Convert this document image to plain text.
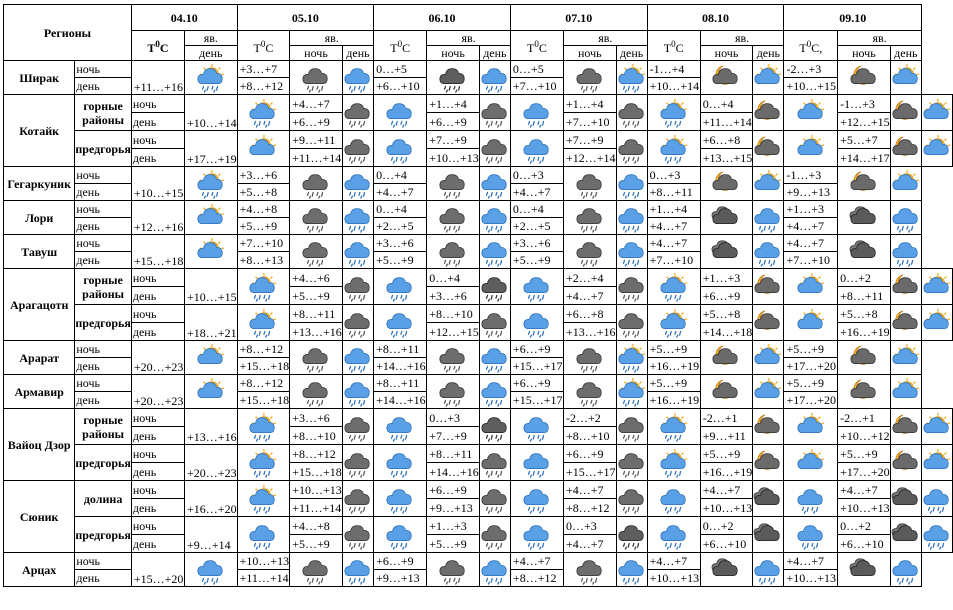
Регионы		04.10		05.10			06.10			07.10			08.10			09.10			
		$T^0C$	яв.	$T^0C$	яв.		$T^0C$	яв.		$T^0C$	яв.		$T^0C$	яв.		$T^0C$,	яв.		
			день		ночь	день		ночь	день		ночь	день		ночь	день		ночь	день	
Ширак	ночь	+11…+16		+3…+7			0…+5			0…+5			-1…+4			-2…+3	

	день			+8…+12			+6…+10			+7…+10			+10…+14			+10…+15			
Котайк	горные районы	ночь	+10…+14		+4…+7			+1…+4			+1…+4			0…+4			-1…+3	

		день			+6…+9			+6…+9			+7…+10			+11…+14			+12…+15		
	предгорья	ночь	+17…+19		+9…+11			+7…+9			+7…+9			+6…+8			+5…+7	

		день			+11…+14			+10…+13			+12…+14			+13…+15			+14…+17		
Гегаркуник	ночь	+10…+15		+3…+6			0…+4			0…+3			0…+3			-1…+3	

	день			+5…+8			+4…+7			+4…+7			+8…+11			+9…+13			
Лори	ночь	+12…+16		+4…+8			0…+4			0…+4			+1…+4			+1…+3	

	день			+5…+9			+2…+5			+2…+5			+4…+7			+4…+7			
Тавуш	ночь	+15…+18		+7…+10			+3…+6			+3…+6			+4…+7			+4…+7	

	день			+8…+13			+5…+9			+5…+9			+7…+10			+7…+10			
Арагацотн	горные районы	ночь	+10…+15		+4…+6			0…+4			+2…+4			+1…+3			0…+2	

		день			+5…+9			+3…+6			+4…+7			+6…+9			+8…+11		
	предгорья	ночь	+18…+21		+8…+11			+8…+10			+6…+8			+5…+8			+5…+8	

		день			+13…+16			+12…+15			+13…+16			+14…+18			+16…+19		
Арарат	ночь	+20…+23		+8…+12			+8…+11			+6…+9			+5…+9			+5…+9	

	день			+15…+18			+14…+16			+15…+17			+16…+19			+17…+20			
Армавир	ночь	+20…+23		+8…+12			+8…+11			+6…+9			+5…+9			+5…+9	

	день			+15…+18			+14…+16			+15…+17			+16…+19			+17…+20			
Вайоц Дзор	горные районы	ночь	+13…+16		+3…+6			0…+3			-2…+2			-2…+1			-2…+1	

		день			+8…+10			+7…+9			+8…+10			+9…+11			+10…+12		
	предгорья	ночь	+20…+23		+8…+12			+8…+11			+6…+9			+5…+9			+5…+9	

		день			+15…+18			+14…+16			+15…+17			+16…+19			+17…+20		
Сюник	долина	ночь	+16…+20		+10…+13			+6…+9			+4…+7			+4…+7			+4…+7	

		день			+11…+14			+9…+13			+8…+12			+10…+13			+10…+13		
	предгорья	ночь	+9…+14		+4…+8			+1…+3			0…+3			0…+2			0…+2	

		день			+5…+9			+5…+9			+4…+7			+6…+10			+6…+10		
Арцах	ночь	+15…+20		+10…+13			+6…+9			+4…+7			+4…+7			+4…+7	

	день			+11…+14			+9…+13			+8…+12			+10…+13			+10…+13			
